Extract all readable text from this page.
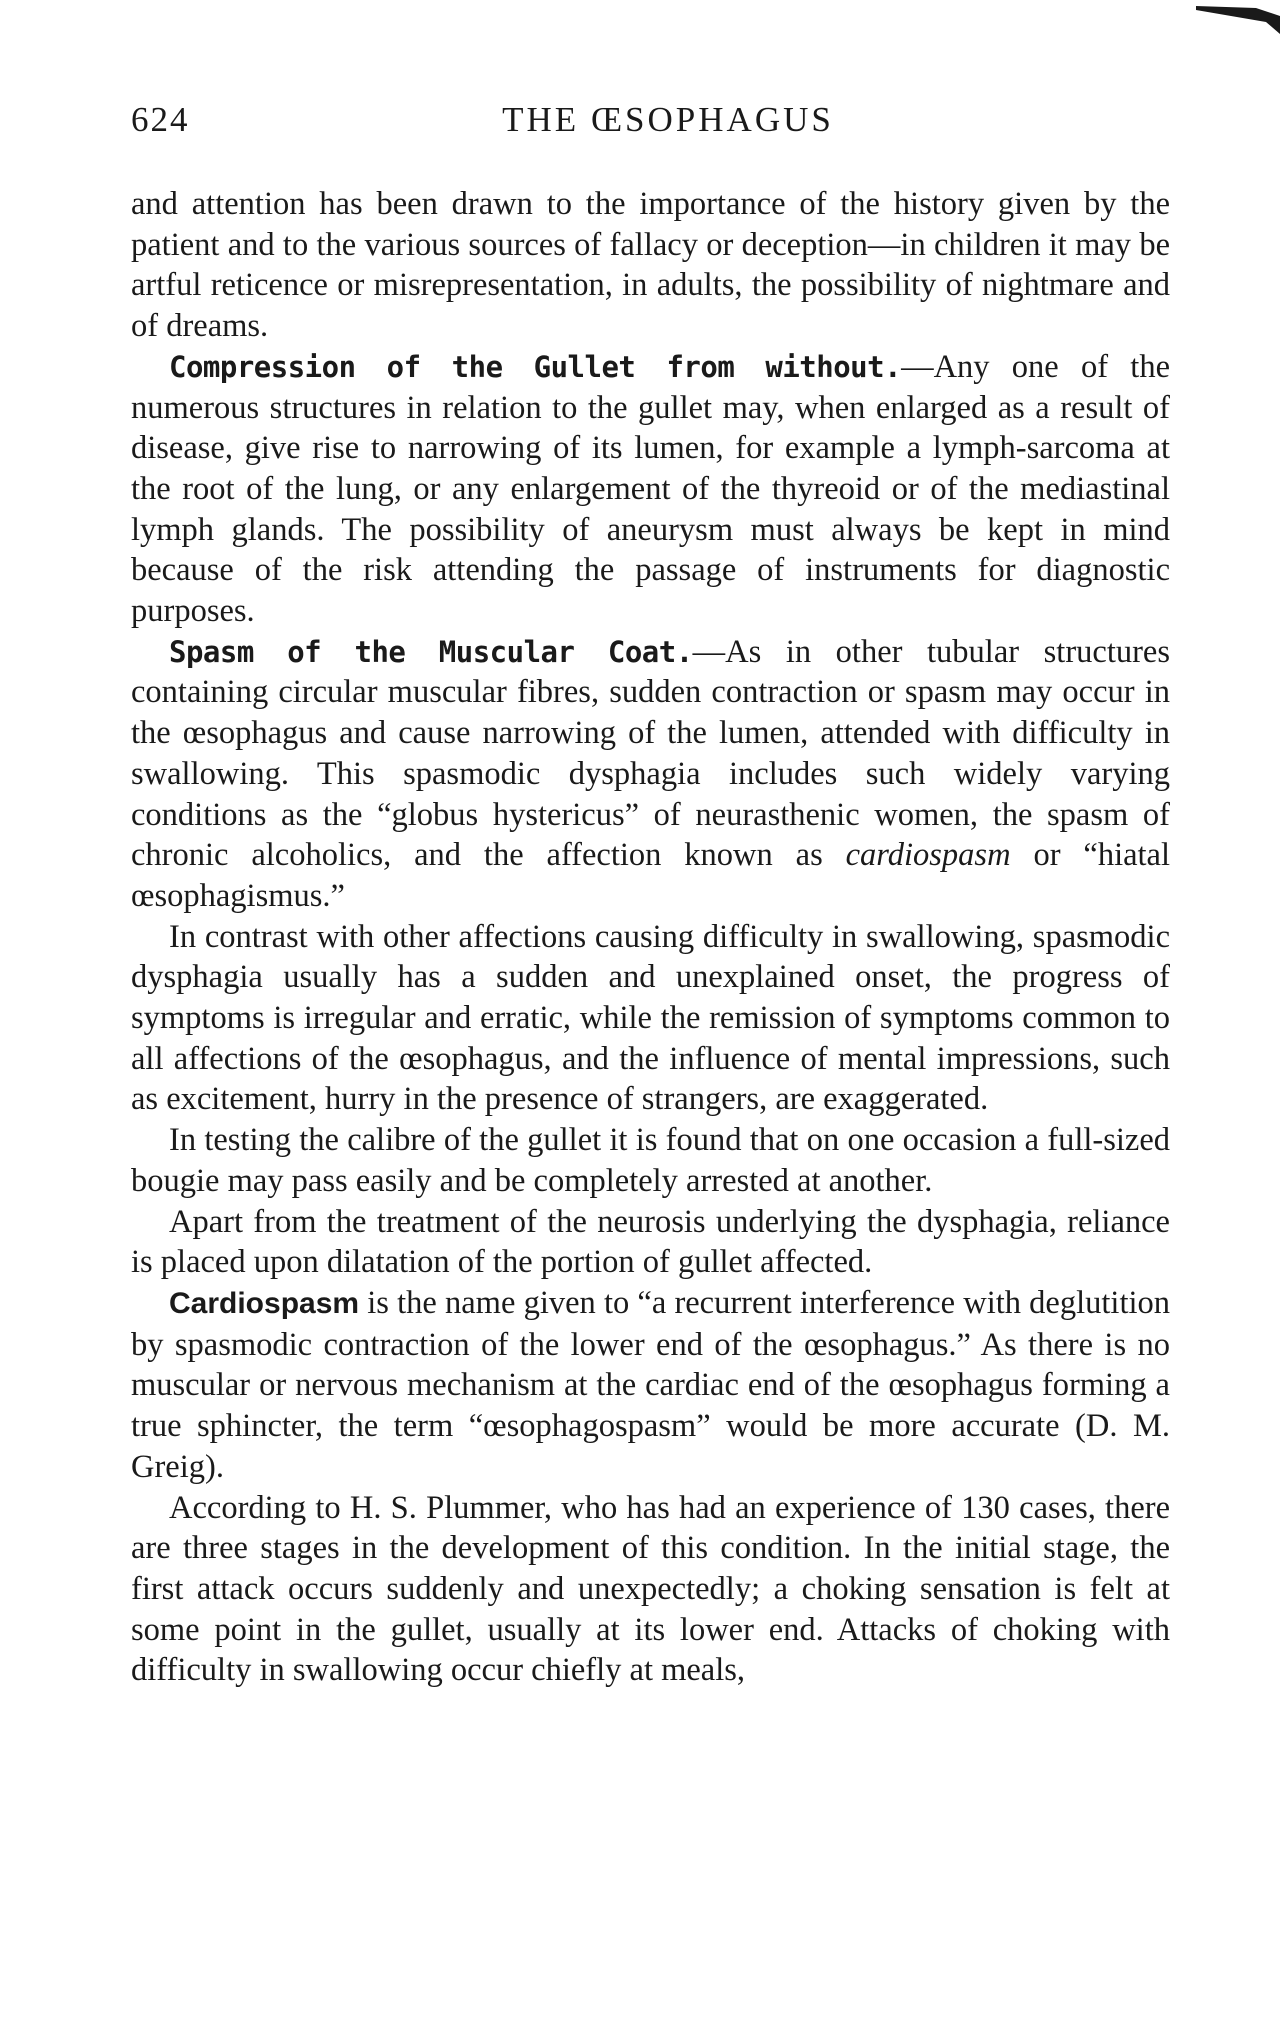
624	THE ŒSOPHAGUS

and attention has been drawn to the importance of the history given by the patient and to the various sources of fallacy or deception—in children it may be artful reticence or misrepresentation, in adults, the possibility of nightmare and of dreams.

Compression of the Gullet from without.—Any one of the numerous structures in relation to the gullet may, when enlarged as a result of disease, give rise to narrowing of its lumen, for example a lymph-sarcoma at the root of the lung, or any enlargement of the thyreoid or of the mediastinal lymph glands. The possibility of aneurysm must always be kept in mind because of the risk attending the passage of instruments for diagnostic purposes.

Spasm of the Muscular Coat.—As in other tubular structures containing circular muscular fibres, sudden contraction or spasm may occur in the œsophagus and cause narrowing of the lumen, attended with difficulty in swallowing. This spasmodic dysphagia includes such widely varying conditions as the “globus hystericus” of neurasthenic women, the spasm of chronic alcoholics, and the affection known as cardiospasm or “hiatal œsophagismus.”

In contrast with other affections causing difficulty in swallowing, spasmodic dysphagia usually has a sudden and unexplained onset, the progress of symptoms is irregular and erratic, while the remission of symptoms common to all affections of the œsophagus, and the influence of mental impressions, such as excitement, hurry in the presence of strangers, are exaggerated.

In testing the calibre of the gullet it is found that on one occasion a full-sized bougie may pass easily and be completely arrested at another.

Apart from the treatment of the neurosis underlying the dysphagia, reliance is placed upon dilatation of the portion of gullet affected.

Cardiospasm is the name given to “a recurrent interference with deglutition by spasmodic contraction of the lower end of the œsophagus.” As there is no muscular or nervous mechanism at the cardiac end of the œsophagus forming a true sphincter, the term “œsophagospasm” would be more accurate (D. M. Greig).

According to H. S. Plummer, who has had an experience of 130 cases, there are three stages in the development of this condition. In the initial stage, the first attack occurs suddenly and unexpectedly; a choking sensation is felt at some point in the gullet, usually at its lower end. Attacks of choking with difficulty in swallowing occur chiefly at meals,
